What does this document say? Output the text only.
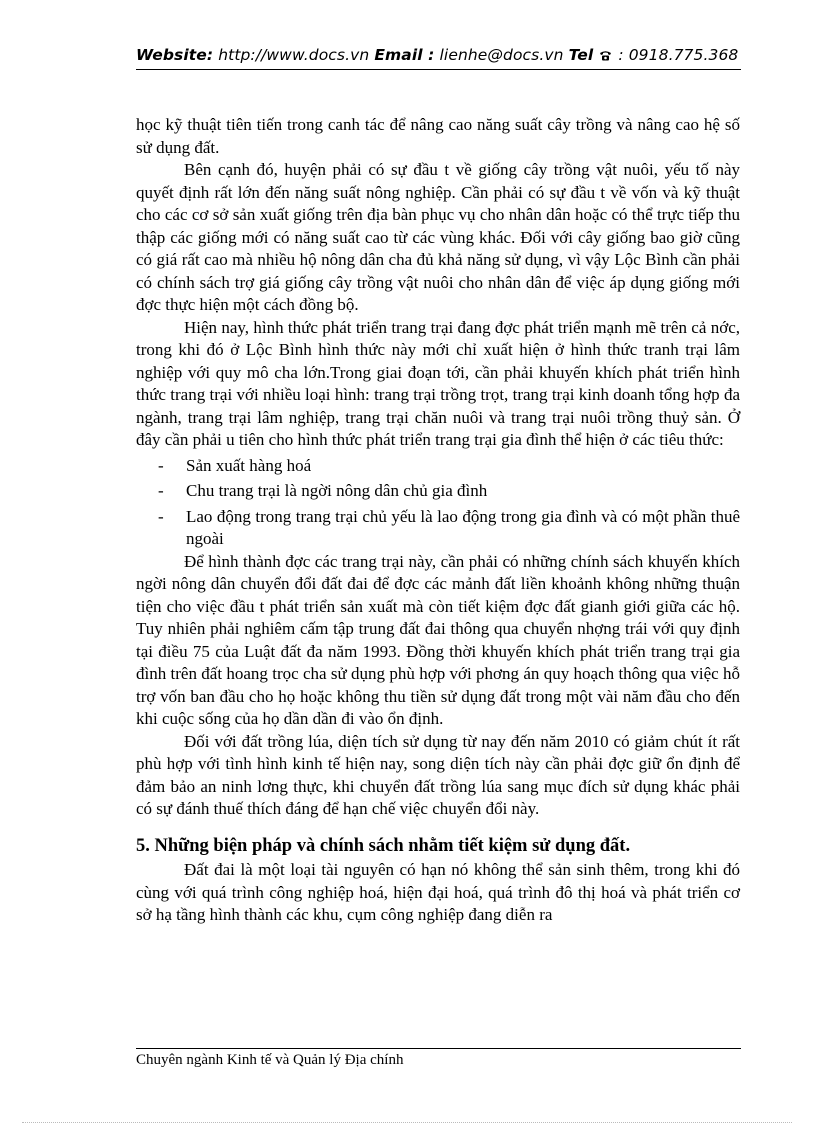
Website: http://www.docs.vn Email : lienhe@docs.vn Tel : 0918.775.368

học kỹ thuật tiên tiến trong canh tác để nâng cao năng suất cây trồng và nâng cao hệ số sử dụng đất.

Bên cạnh đó, huyện phải có sự đầu t về giống cây trồng vật nuôi, yếu tố này quyết định rất lớn đến năng suất nông nghiệp. Cần phải có sự đầu t về vốn và kỹ thuật cho các cơ sở sản xuất giống trên địa bàn phục vụ cho nhân dân hoặc có thể trực tiếp thu thập các giống mới có năng suất cao từ các vùng khác. Đối với cây giống bao giờ cũng có giá rất cao mà nhiều hộ nông dân cha đủ khả năng sử dụng, vì vậy Lộc Bình cần phải có chính sách trợ giá giống cây trồng vật nuôi cho nhân dân để việc áp dụng giống mới đợc thực hiện một cách đồng bộ.

Hiện nay, hình thức phát triển trang trại đang đợc phát triển mạnh mẽ trên cả nớc, trong khi đó ở Lộc Bình hình thức này mới chỉ xuất hiện ở hình thức tranh trại lâm nghiệp với quy mô cha lớn.Trong giai đoạn tới, cần phải khuyến khích phát triển hình thức trang trại với nhiều loại hình: trang trại trồng trọt, trang trại kinh doanh tổng hợp đa ngành, trang trại lâm nghiệp, trang trại chăn nuôi và trang trại nuôi trồng thuỷ sản. Ở đây cần phải u tiên cho hình thức phát triển trang trại gia đình thể hiện ở các tiêu thức:

- Sản xuất hàng hoá
- Chu trang trại là ngời nông dân chủ gia đình
- Lao động trong trang trại chủ yếu là lao động trong gia đình và có một phần thuê ngoài

Để hình thành đợc các trang trại này, cần phải có những chính sách khuyến khích ngời nông dân chuyển đổi đất đai để đợc các mảnh đất liền khoảnh không những thuận tiện cho việc đầu t phát triển sản xuất mà còn tiết kiệm đợc đất gianh giới giữa các hộ. Tuy nhiên phải nghiêm cấm tập trung đất đai thông qua chuyển nhợng trái với quy định tại điều 75 của Luật đất đa năm 1993. Đồng thời khuyến khích phát triển trang trại gia đình trên đất hoang trọc cha sử dụng phù hợp với phơng án quy hoạch thông qua việc hỗ trợ vốn ban đầu cho họ hoặc không thu tiền sử dụng đất trong một vài năm đầu cho đến khi cuộc sống của họ dần dần đi vào ổn định.

Đối với đất trồng lúa, diện tích sử dụng từ nay đến năm 2010 có giảm chút ít rất phù hợp với tình hình kinh tế hiện nay, song diện tích này cần phải đợc giữ ổn định để đảm bảo an ninh lơng thực, khi chuyển đất trồng lúa sang mục đích sử dụng khác phải có sự đánh thuế thích đáng để hạn chế việc chuyển đổi này.

5. Những biện pháp và chính sách nhằm tiết kiệm sử dụng đất.

Đất đai là một loại tài nguyên có hạn nó không thể sản sinh thêm, trong khi đó cùng với quá trình công nghiệp hoá, hiện đại hoá, quá trình đô thị hoá và phát triển cơ sở hạ tầng hình thành các khu, cụm công nghiệp đang diễn ra

Chuyên ngành Kinh tế và Quản lý Địa chính
